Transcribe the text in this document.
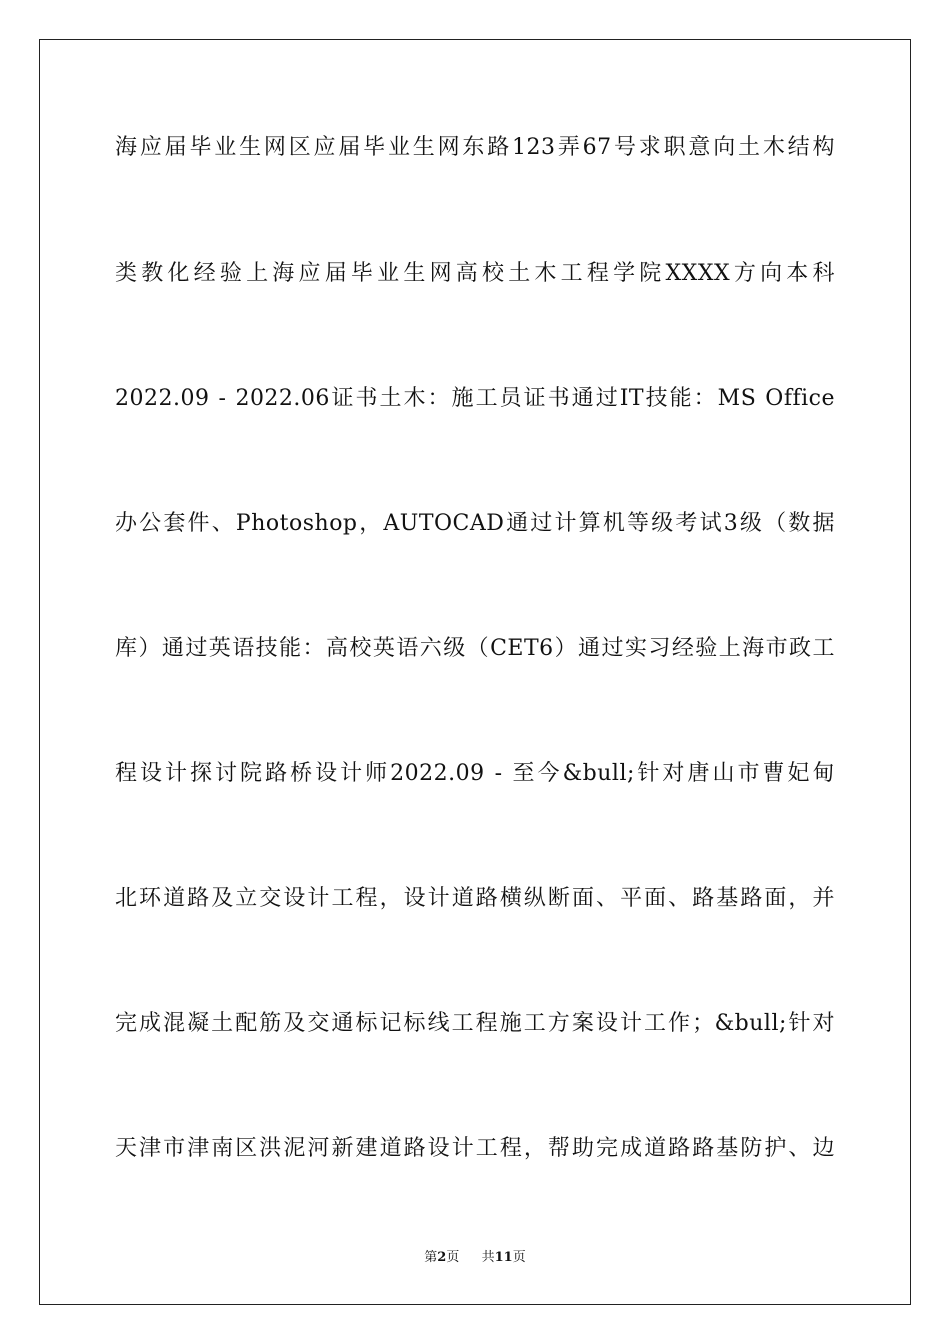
海应届毕业生网区应届毕业生网东路123弄67号求职意向土木结构
类教化经验上海应届毕业生网高校土木工程学院XXXX方向本科
2022.09 - 2022.06证书土木：施工员证书通过IT技能：MS Office
办公套件、Photoshop，AUTOCAD通过计算机等级考试3级（数据
库）通过英语技能：高校英语六级（CET6）通过实习经验上海市政工
程设计探讨院路桥设计师2022.09 - 至今&bull;针对唐山市曹妃甸
北环道路及立交设计工程，设计道路横纵断面、平面、路基路面，并
完成混凝土配筋及交通标记标线工程施工方案设计工作；&bull;针对
天津市津南区洪泥河新建道路设计工程，帮助完成道路路基防护、边
第2页 共11页
